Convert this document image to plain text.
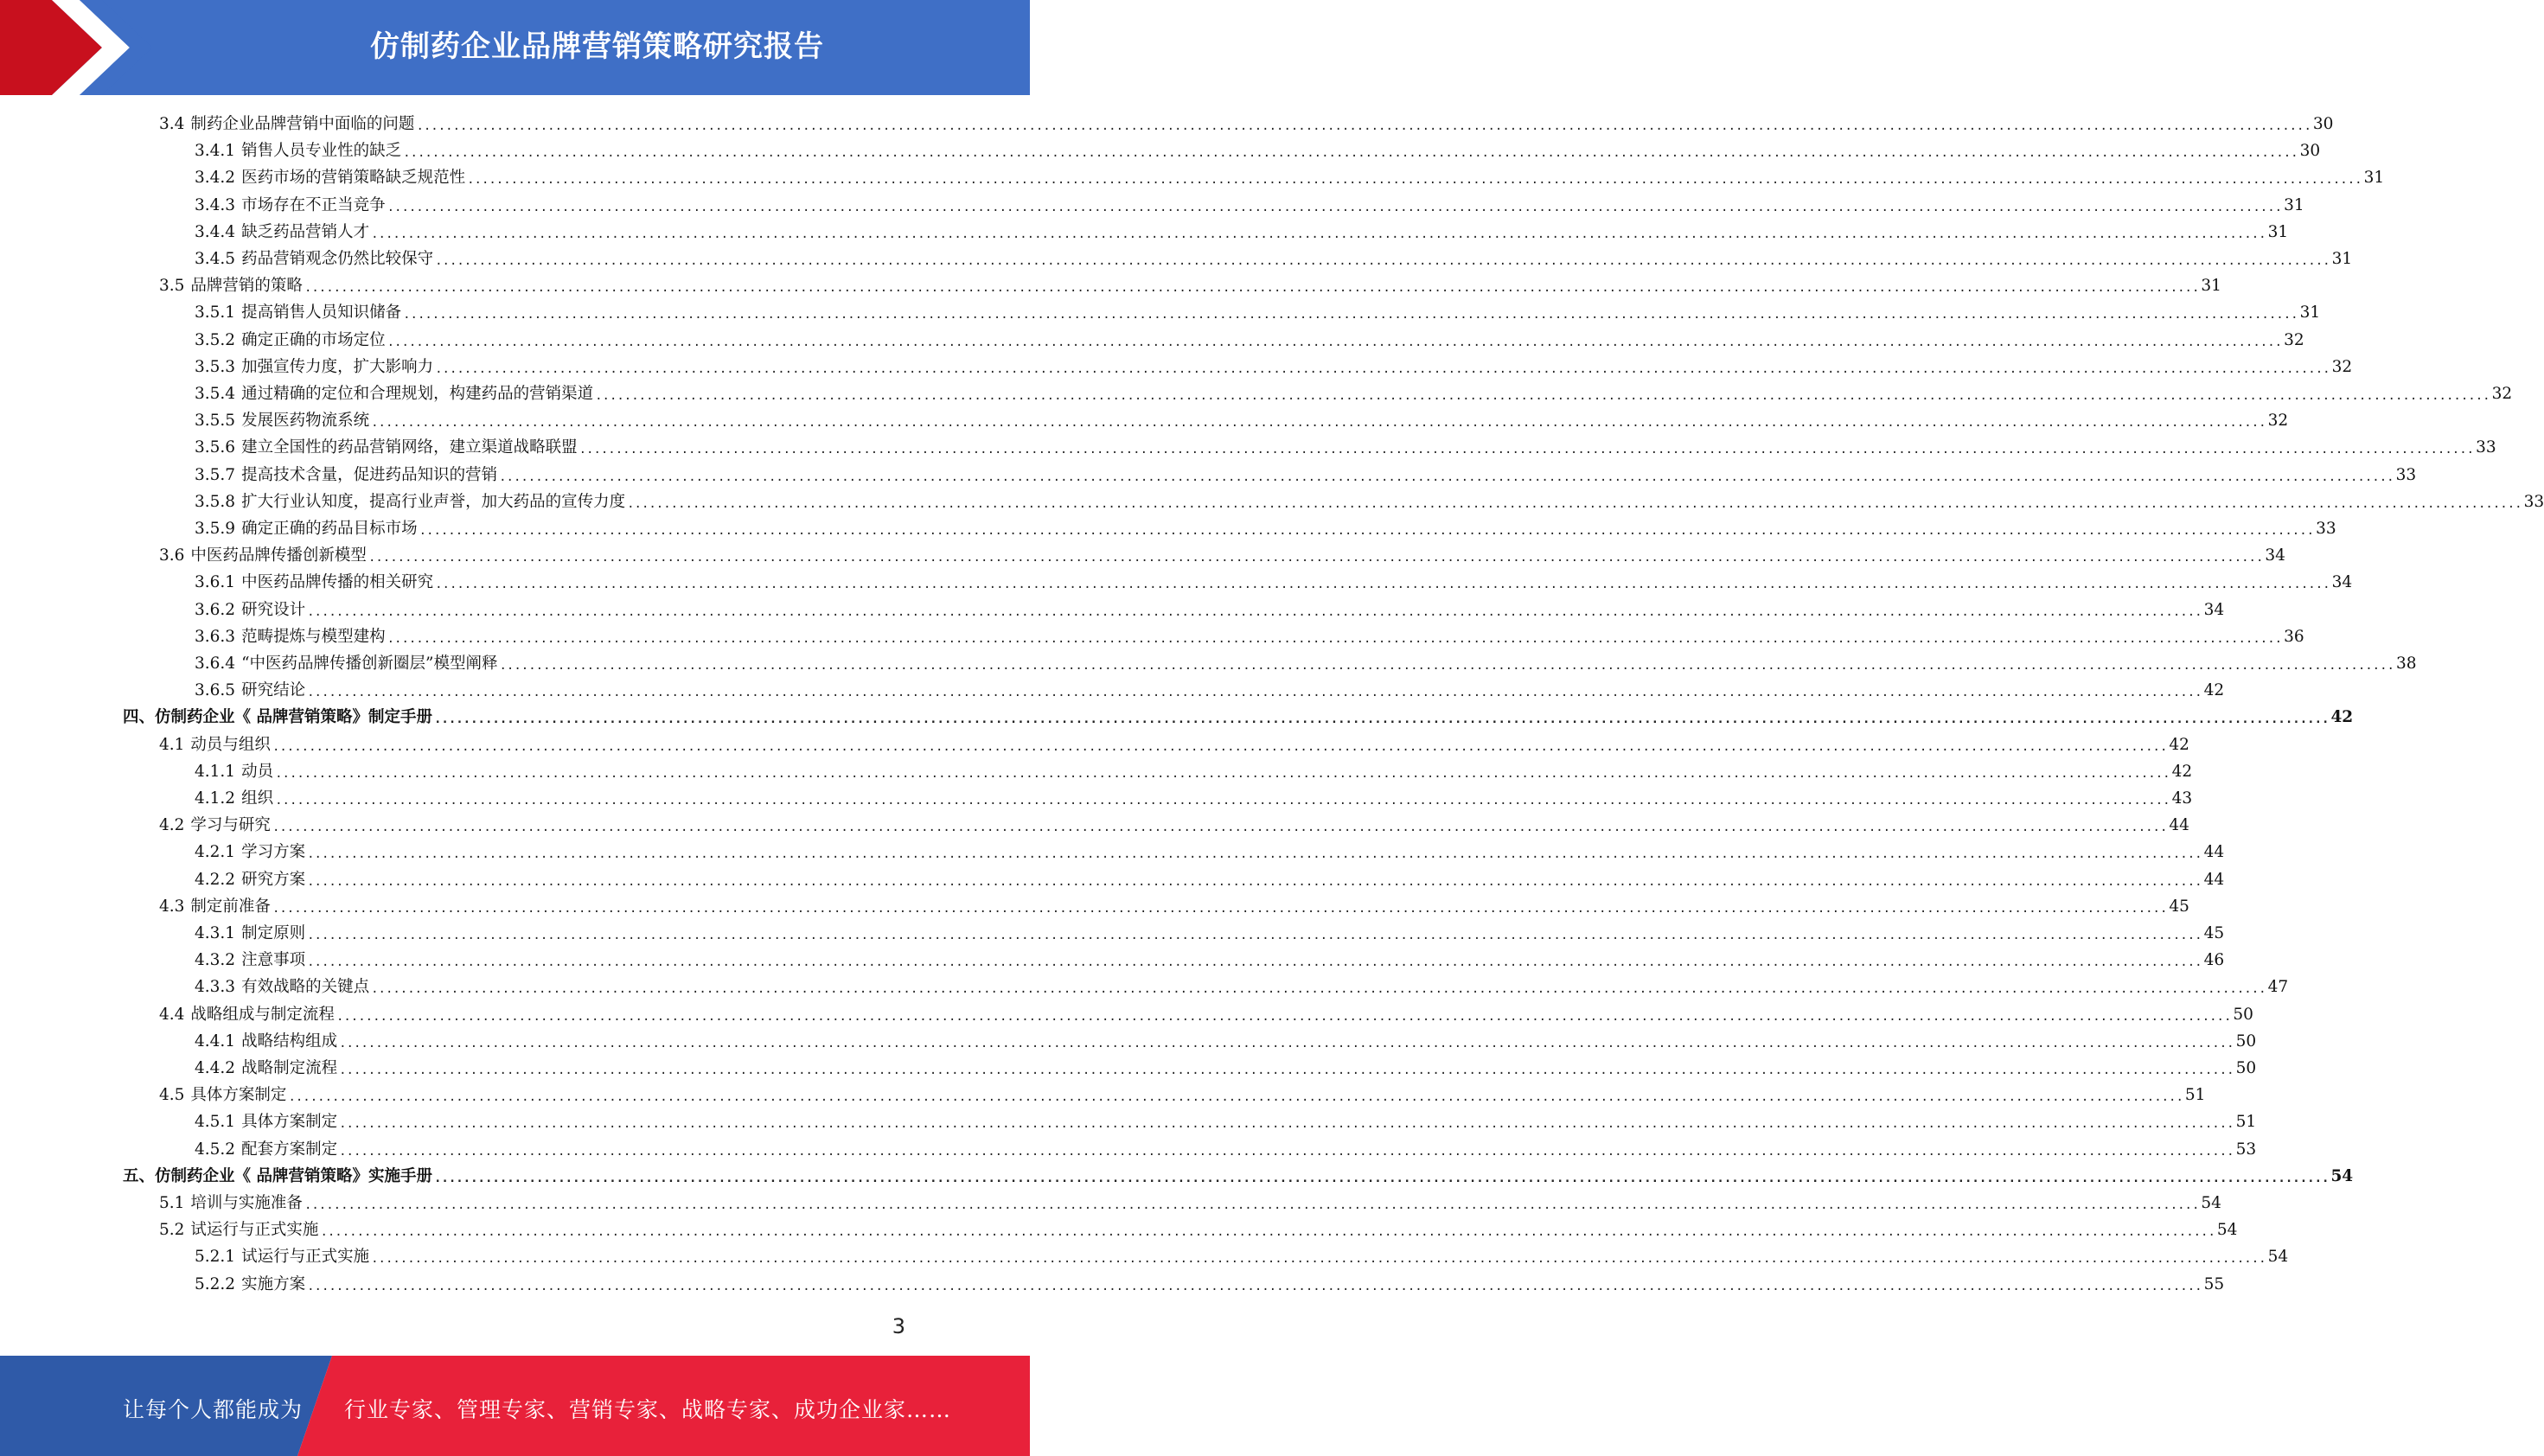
仿制药企业品牌营销策略研究报告
3.4 制药企业品牌营销中面临的问题 .................................................................................................................................................................................................................................................................... 30
3.4.1 销售人员专业性的缺乏 .................................................................................................................................................................................................................................................................... 30
3.4.2 医药市场的营销策略缺乏规范性 .................................................................................................................................................................................................................................................................... 31
3.4.3 市场存在不正当竞争 .................................................................................................................................................................................................................................................................... 31
3.4.4 缺乏药品营销人才 .................................................................................................................................................................................................................................................................... 31
3.4.5 药品营销观念仍然比较保守 .................................................................................................................................................................................................................................................................... 31
3.5 品牌营销的策略 .................................................................................................................................................................................................................................................................... 31
3.5.1 提高销售人员知识储备 .................................................................................................................................................................................................................................................................... 31
3.5.2 确定正确的市场定位 .................................................................................................................................................................................................................................................................... 32
3.5.3 加强宣传力度，扩大影响力 .................................................................................................................................................................................................................................................................... 32
3.5.4 通过精确的定位和合理规划，构建药品的营销渠道 .................................................................................................................................................................................................................................................................... 32
3.5.5 发展医药物流系统 .................................................................................................................................................................................................................................................................... 32
3.5.6 建立全国性的药品营销网络，建立渠道战略联盟 .................................................................................................................................................................................................................................................................... 33
3.5.7 提高技术含量，促进药品知识的营销 .................................................................................................................................................................................................................................................................... 33
3.5.8 扩大行业认知度，提高行业声誉，加大药品的宣传力度 .................................................................................................................................................................................................................................................................... 33
3.5.9 确定正确的药品目标市场 .................................................................................................................................................................................................................................................................... 33
3.6 中医药品牌传播创新模型 .................................................................................................................................................................................................................................................................... 34
3.6.1 中医药品牌传播的相关研究 .................................................................................................................................................................................................................................................................... 34
3.6.2 研究设计 .................................................................................................................................................................................................................................................................... 34
3.6.3 范畴提炼与模型建构 .................................................................................................................................................................................................................................................................... 36
3.6.4 “中医药品牌传播创新圈层”模型阐释 .................................................................................................................................................................................................................................................................... 38
3.6.5 研究结论 .................................................................................................................................................................................................................................................................... 42
四、 仿制药企业《 品牌营销策略》制定手册 .................................................................................................................................................................................................................................................................... 42
4.1 动员与组织 .................................................................................................................................................................................................................................................................... 42
4.1.1 动员 .................................................................................................................................................................................................................................................................... 42
4.1.2 组织 .................................................................................................................................................................................................................................................................... 43
4.2 学习与研究 .................................................................................................................................................................................................................................................................... 44
4.2.1 学习方案 .................................................................................................................................................................................................................................................................... 44
4.2.2 研究方案 .................................................................................................................................................................................................................................................................... 44
4.3 制定前准备 .................................................................................................................................................................................................................................................................... 45
4.3.1 制定原则 .................................................................................................................................................................................................................................................................... 45
4.3.2 注意事项 .................................................................................................................................................................................................................................................................... 46
4.3.3 有效战略的关键点 .................................................................................................................................................................................................................................................................... 47
4.4 战略组成与制定流程 .................................................................................................................................................................................................................................................................... 50
4.4.1 战略结构组成 .................................................................................................................................................................................................................................................................... 50
4.4.2 战略制定流程 .................................................................................................................................................................................................................................................................... 50
4.5 具体方案制定 .................................................................................................................................................................................................................................................................... 51
4.5.1 具体方案制定 .................................................................................................................................................................................................................................................................... 51
4.5.2 配套方案制定 .................................................................................................................................................................................................................................................................... 53
五、 仿制药企业《 品牌营销策略》实施手册 .................................................................................................................................................................................................................................................................... 54
5.1 培训与实施准备 .................................................................................................................................................................................................................................................................... 54
5.2 试运行与正式实施 .................................................................................................................................................................................................................................................................... 54
5.2.1 试运行与正式实施 .................................................................................................................................................................................................................................................................... 54
5.2.2 实施方案 .................................................................................................................................................................................................................................................................... 55
3
让每个人都能成为 行业专家、管理专家、营销专家、战略专家、成功企业家……
